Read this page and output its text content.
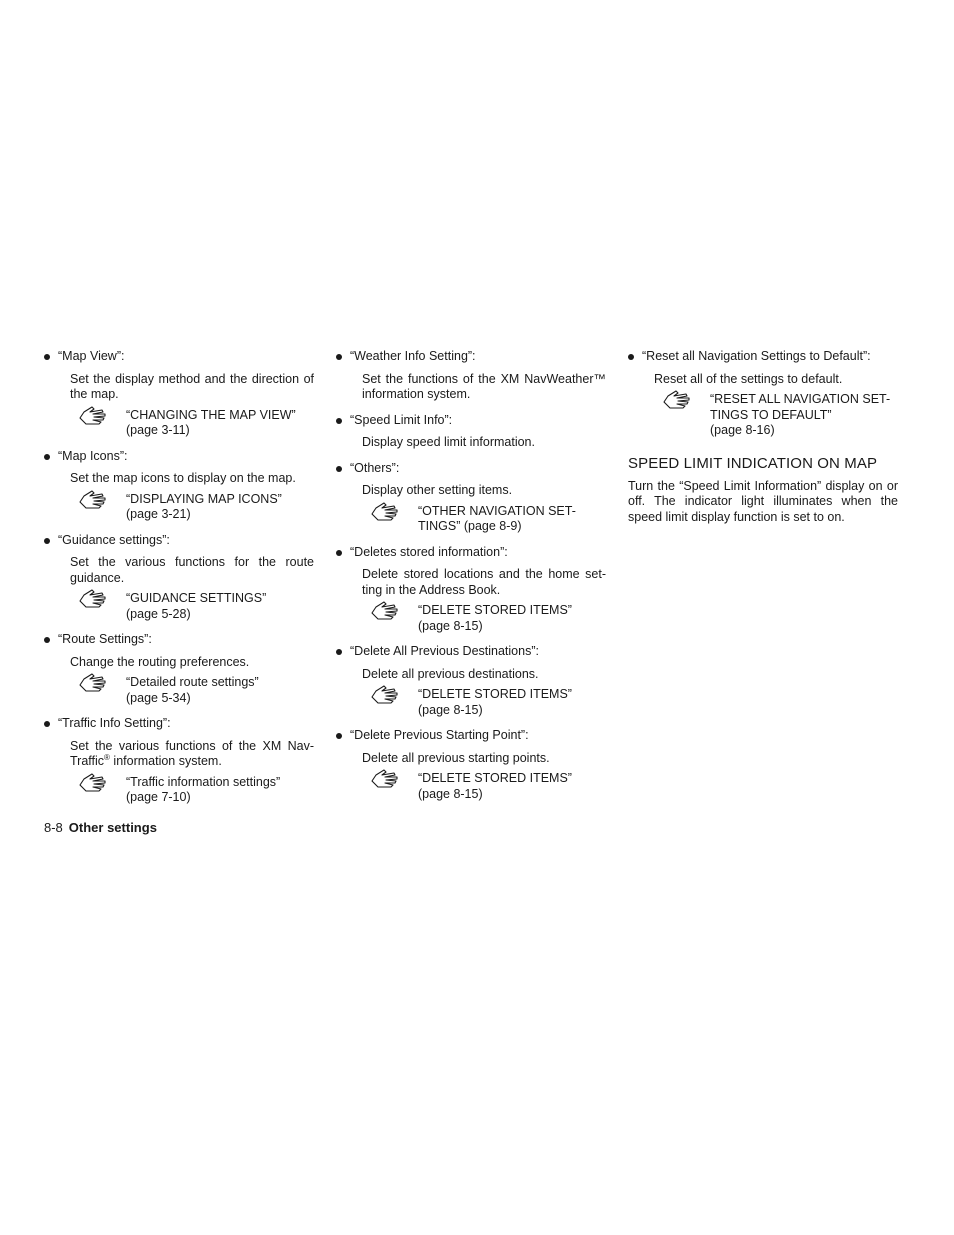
“Map View”:
Set the display method and the direction of the map.
“CHANGING THE MAP VIEW”
(page 3-11)
“Map Icons”:
Set the map icons to display on the map.
“DISPLAYING MAP ICONS”
(page 3-21)
“Guidance settings”:
Set the various functions for the route guidance.
“GUIDANCE SETTINGS”
(page 5-28)
“Route Settings”:
Change the routing preferences.
“Detailed route settings”
(page 5-34)
“Traffic Info Setting”:
Set the various functions of the XM Nav-Traffic® information system.
“Traffic information settings”
(page 7-10)
“Weather Info Setting”:
Set the functions of the XM NavWeather™ information system.
“Speed Limit Info”:
Display speed limit information.
“Others”:
Display other setting items.
“OTHER NAVIGATION SET-
TINGS” (page 8-9)
“Deletes stored information”:
Delete stored locations and the home set-ting in the Address Book.
“DELETE STORED ITEMS”
(page 8-15)
“Delete All Previous Destinations”:
Delete all previous destinations.
“DELETE STORED ITEMS”
(page 8-15)
“Delete Previous Starting Point”:
Delete all previous starting points.
“DELETE STORED ITEMS”
(page 8-15)
“Reset all Navigation Settings to Default”:
Reset all of the settings to default.
“RESET ALL NAVIGATION SET-
TINGS TO DEFAULT”
(page 8-16)
SPEED LIMIT INDICATION ON MAP
Turn the “Speed Limit Information” display on or off. The indicator light illuminates when the speed limit display function is set to on.
8-8 Other settings
